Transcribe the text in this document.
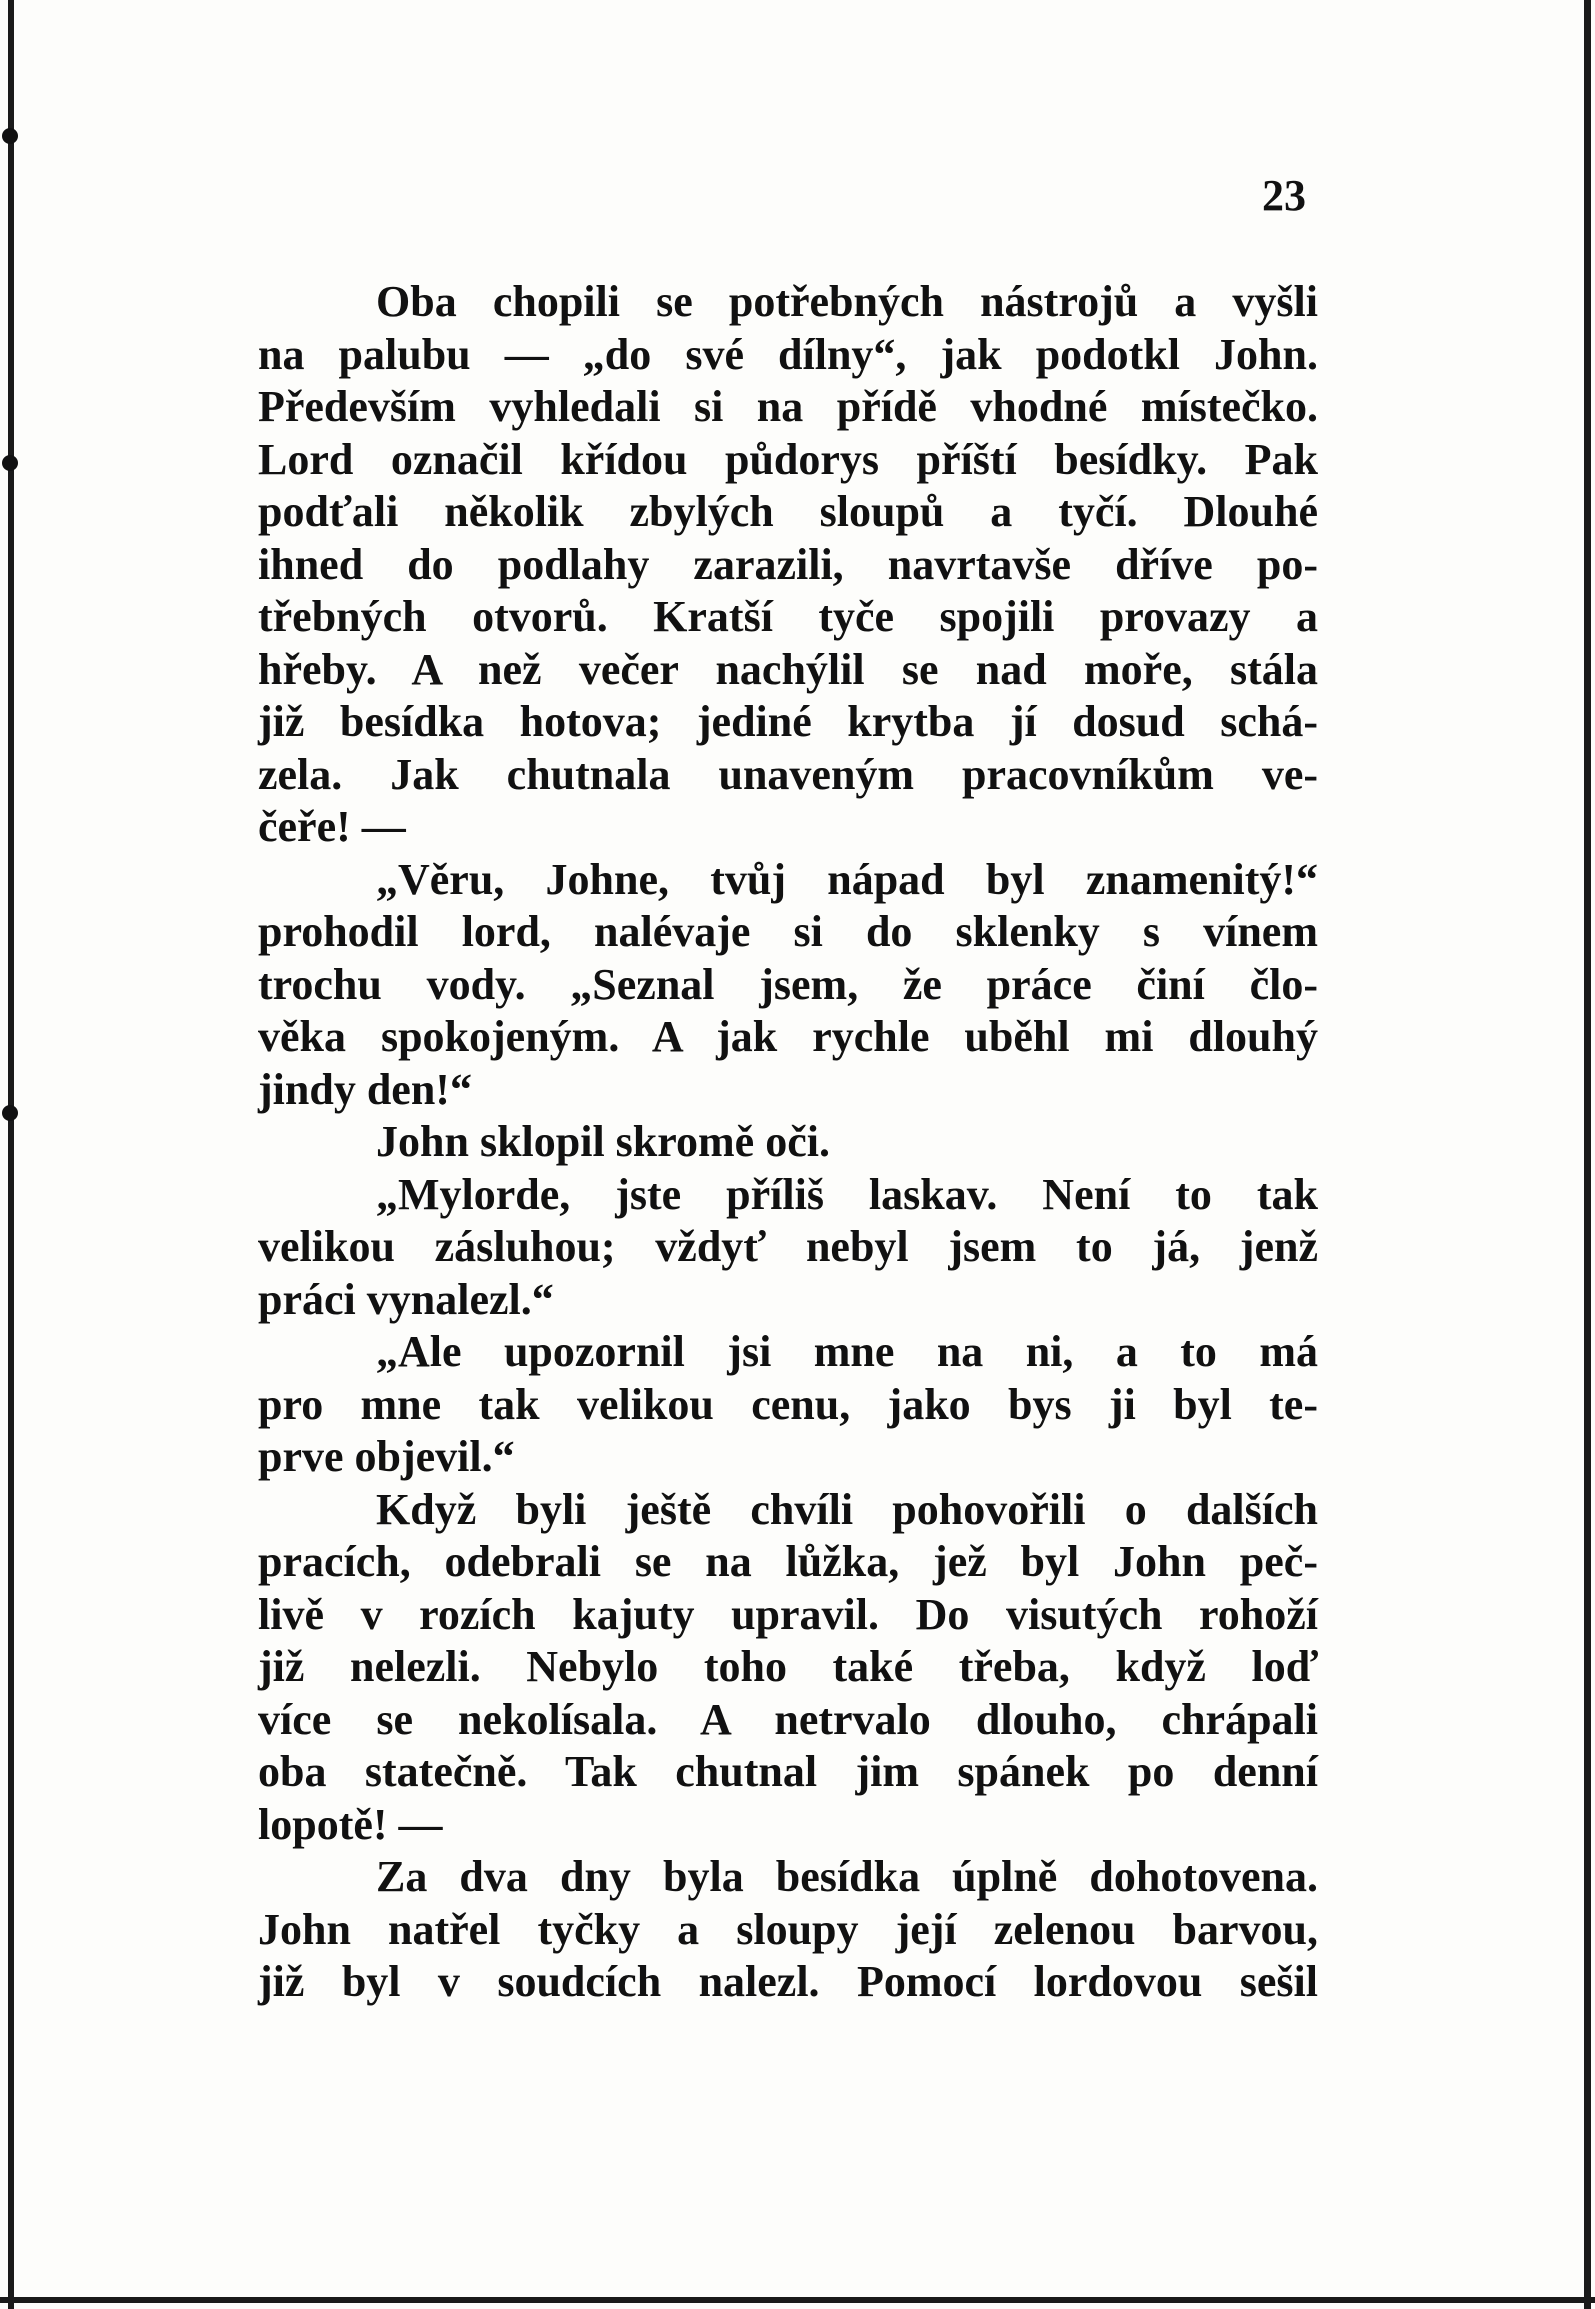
23
Oba chopili se potřebných nástrojů a vyšli
na palubu — „do své dílny“, jak podotkl John.
Především vyhledali si na přídě vhodné místečko.
Lord označil křídou půdorys příští besídky. Pak
podťali několik zbylých sloupů a tyčí. Dlouhé
ihned do podlahy zarazili, navrtavše dříve po-
třebných otvorů. Kratší tyče spojili provazy a
hřeby. A než večer nachýlil se nad moře, stála
již besídka hotova; jediné krytba jí dosud schá-
zela. Jak chutnala unaveným pracovníkům ve-
čeře! —
„Věru, Johne, tvůj nápad byl znamenitý!“
prohodil lord, nalévaje si do sklenky s vínem
trochu vody. „Seznal jsem, že práce činí člo-
věka spokojeným. A jak rychle uběhl mi dlouhý
jindy den!“
John sklopil skromě oči.
„Mylorde, jste příliš laskav. Není to tak
velikou zásluhou; vždyť nebyl jsem to já, jenž
práci vynalezl.“
„Ale upozornil jsi mne na ni, a to má
pro mne tak velikou cenu, jako bys ji byl te-
prve objevil.“
Když byli ještě chvíli pohovořili o dalších
pracích, odebrali se na lůžka, jež byl John peč-
livě v rozích kajuty upravil. Do visutých rohoží
již nelezli. Nebylo toho také třeba, když loď
více se nekolísala. A netrvalo dlouho, chrápali
oba statečně. Tak chutnal jim spánek po denní
lopotě! —
Za dva dny byla besídka úplně dohotovena.
John natřel tyčky a sloupy její zelenou barvou,
již byl v soudcích nalezl. Pomocí lordovou sešil
